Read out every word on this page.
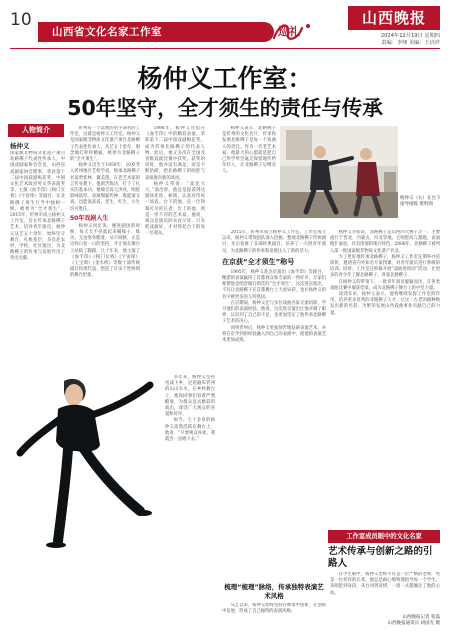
10
山西省文化名家工作室	巡礼
山西晚报
2024年12月19日 星期四
责编：李翔 美编：王培祥
杨仲义工作室：
50年坚守，全才须生的责任与传承
人物简介
杨仲义
国家级非物质文化遗产项目北路梆子代表性传承人，中国戏剧家协会会员，山西省戏剧家协会理事。曾获第十二届中国戏剧梅花奖、中国文化艺术政府奖文华表演奖等。主演《血手印》《杨门女将》《宇宙锋》等剧目，在北路梆子须生行当中独树一帜，被誉为“全才须生”。2015年，忻州市成立杨仲义工作室，旨在传承北路梆子艺术、培养青年演员。杨仲义从艺五十余年，始终坚守舞台，扎根基层，多次赴农村、学校、社区演出，为北路梆子的传承与发展作出了突出贡献。

忻州有一个以他的名字命名的工作室，这就是杨仲义工作室。杨仲义是国家级非物质文化遗产项目北路梆子代表性传承人，从艺五十余年，唱念做打样样精通，被誉为北路梆子的“全才须生”。

杨仲义出生于1950年，10岁考入忻州地区艺校学戏，师承北路梆子名家贾桂林、冀美莲。在老艺术家的言传身教下，他刻苦练功，打下了扎实的基本功。他嗓音高亢洪亮，唱腔韵味浓厚，表演细腻传神，既能演文戏，也能演武戏，老生、红生、小生均可胜任。

50年戏剧人生

杨仲义回忆说，刚进剧团的时候，每天天不亮就起来喊嗓子、练功，无论寒冬酷暑，从不间断。正是这样日复一日的坚持，才让他在舞台上站稳了脚跟。几十年来，他主演了《血手印》《杨门女将》《宇宙锋》《王宝钏》《金水桥》等数十部传统剧目和现代戏，塑造了许多个性鲜明的舞台形象。

杨仲义。

1998年，杨仲义凭借在《血手印》中的精彩表演，荣获第十二届中国戏剧梅花奖，成为忻州北路梆子的代表人物。此后，他又多次在全国及省级戏剧比赛中获奖。获奖的同时，他并没有满足，而是不断钻研，把北路梆子的唱腔与表演推向新的高度。

杨仲义常说：“戏比天大。”演出时，他总是提前到达剧场化妆、候场，认真对待每一场戏。台下的他，是一位和蔼可亲的长者；台上的他，则是一丝不苟的艺术家。他说，观众是演员的衣食父母，只有把戏演好，才对得起台下的每一位观众。

多年来，杨仲义坚持送戏下乡，足迹遍布忻州的山山水水。在乡村舞台上，他和同事们冒着严寒酷暑，为群众送去精彩的演出，深受广大观众的喜爱和好评。

如今，七十多岁的杨仲义依然活跃在舞台上，他说：“只要观众喜欢，我就会一直唱下去。”

杨仲义表示，北路梆子是忻州的文化名片，传承和发展北路梆子是每一个戏曲人的责任。作为一名老艺术家，他最大的心愿就是把自己所学所会毫无保留地传给年轻人，让北路梆子后继有人。

2015年，忻州市成立杨仲义工作室。工作室成立以来，杨仲义带领团队深入挖掘、整理北路梆子传统剧目，先后复排了多部经典剧目，培养了一大批青年演员，为北路梆子的传承和发展注入了新的活力。

在京获“全才须生”称号

1995年，杨仲义赴北京演出《血手印》等剧目，精湛的表演赢得了首都观众和专家的一致好评，专家们称赞他是唱念做打俱佳的“全才须生”。这次进京演出，不仅让北路梆子在首都舞台上大放异彩，也让杨仲义的名字被更多的人所熟知。

在京期间，杨仲义还与多位戏曲名家交流切磋，学习他们的表演经验。他说，这次进京演出让他开阔了眼界，认识到了自己的不足，也更加坚定了他传承北路梆子艺术的决心。

回到忻州后，杨仲义更加刻苦地钻研表演艺术，并将在京学到的经验融入到自己的表演中，使他的表演艺术更加成熟。

杨仲义（右）在台下指导排练 资料图

杨仲义介绍说，北路梆子是山西四大梆子之一，主要流行于晋北、内蒙古、河北等地。它唱腔高亢激越，表演粗犷豪放，具有浓郁的地方特色。2006年，北路梆子被列入第一批国家级非物质文化遗产名录。

为了更好地传承北路梆子，杨仲义工作室定期举办培训班，邀请省内外知名专家授课，对青年演员进行系统的培训。同时，工作室还积极开展“戏曲进校园”活动，让更多的青少年了解北路梆子、喜爱北路梆子。

在杨仲义的带领下，一批青年演员脱颖而出，在各类戏曲比赛中屡获佳绩，成为北路梆子舞台上的中坚力量。

谈到未来，杨仲义表示，他将继续发挥工作室的作用，培养更多优秀的北路梆子人才，让这一古老的剧种焕发出新的光彩，为繁荣发展山西戏曲事业贡献自己的力量。

梳理“梳理”脉络，传承独特表演艺术风格
从艺以来，杨仲义始终坚持在继承中创新，在创新中发展，形成了自己独特的表演风格。
工作室成员眼中的文化名家
艺术传承与创新之路的引路人
在学生眼中，杨仲义老师不仅是一位严格的老师，更是一位慈祥的长辈。他总是耐心细致地指导每一个学生，从唱腔到身段，从台词到表情，一招一式都倾注了他的心血。
山西晚报记者 张磊
山西晚报通讯员 胡国光 摄
